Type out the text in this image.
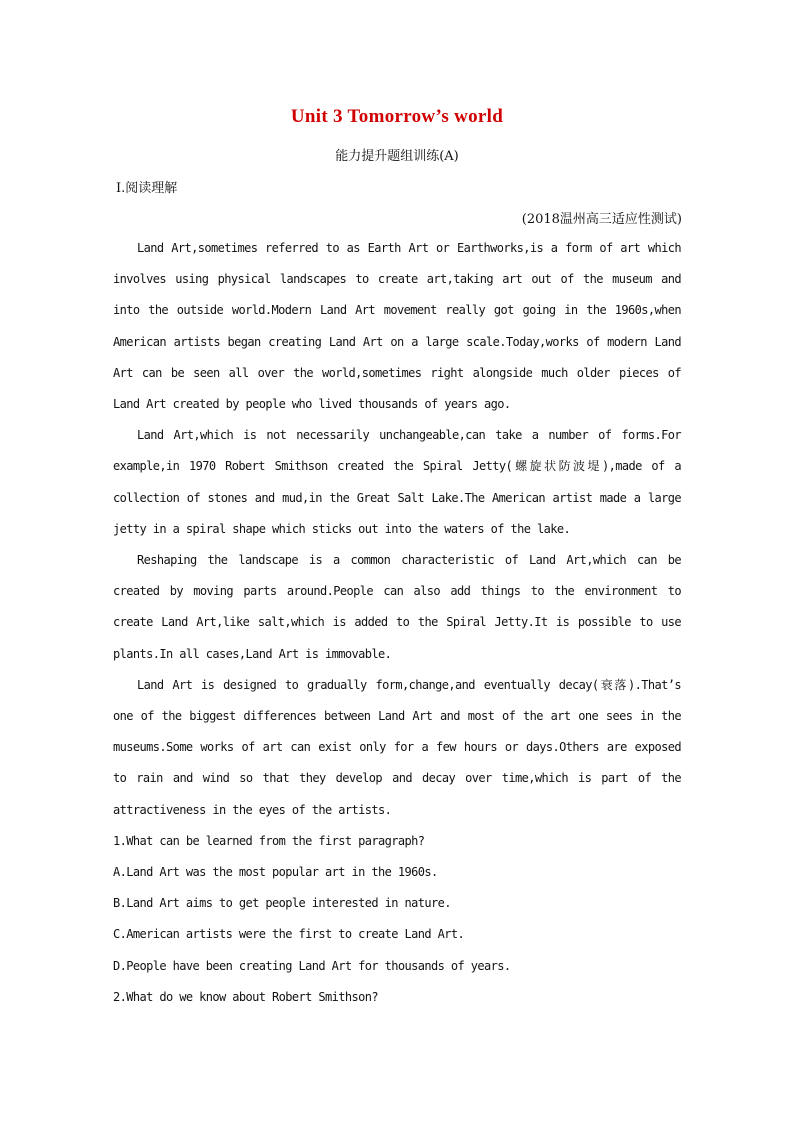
Unit 3 Tomorrow’s world
能力提升题组训练(A)
Ⅰ.阅读理解
(2018温州高三适应性测试)

Land Art,sometimes referred to as Earth Art or Earthworks,is a form of art which involves using physical landscapes to create art,taking art out of the museum and into the outside world.Modern Land Art movement really got going in the 1960s,when American artists began creating Land Art on a large scale.Today,works of modern Land Art can be seen all over the world,sometimes right alongside much older pieces of Land Art created by people who lived thousands of years ago.

Land Art,which is not necessarily unchangeable,can take a number of forms.For example,in 1970 Robert Smithson created the Spiral Jetty(螺旋状防波堤),made of a collection of stones and mud,in the Great Salt Lake.The American artist made a large jetty in a spiral shape which sticks out into the waters of the lake.

Reshaping the landscape is a common characteristic of Land Art,which can be created by moving parts around.People can also add things to the environment to create Land Art,like salt,which is added to the Spiral Jetty.It is possible to use plants.In all cases,Land Art is immovable.

Land Art is designed to gradually form,change,and eventually decay(衰落).That’s one of the biggest differences between Land Art and most of the art one sees in the museums.Some works of art can exist only for a few hours or days.Others are exposed to rain and wind so that they develop and decay over time,which is part of the attractiveness in the eyes of the artists.

1.What can be learned from the first paragraph?

A.Land Art was the most popular art in the 1960s.

B.Land Art aims to get people interested in nature.

C.American artists were the first to create Land Art.

D.People have been creating Land Art for thousands of years.

2.What do we know about Robert Smithson?
